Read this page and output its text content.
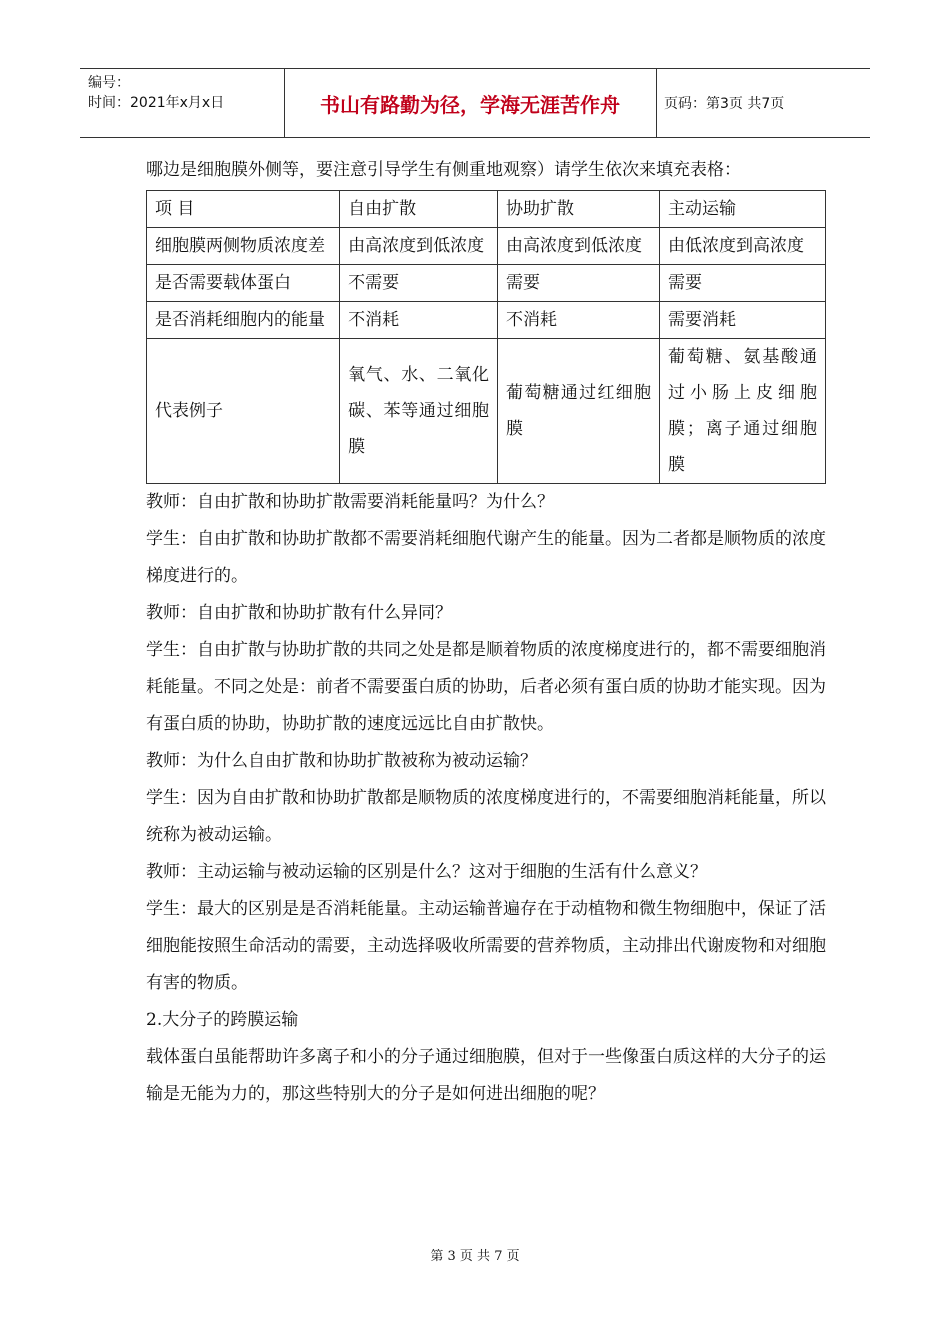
编号：
时间：2021年x月x日	书山有路勤为径，学海无涯苦作舟	页码：第3页 共7页

哪边是细胞膜外侧等，要注意引导学生有侧重地观察）请学生依次来填充表格：

项 目	自由扩散	协助扩散	主动运输
细胞膜两侧物质浓度差	由高浓度到低浓度	由高浓度到低浓度	由低浓度到高浓度
是否需要载体蛋白	不需要	需要	需要
是否消耗细胞内的能量	不消耗	不消耗	需要消耗
代表例子	氧气、水、二氧化碳、苯等通过细胞膜	葡萄糖通过红细胞膜	葡萄糖、氨基酸通过小肠上皮细胞膜；离子通过细胞膜

教师：自由扩散和协助扩散需要消耗能量吗？为什么？

学生：自由扩散和协助扩散都不需要消耗细胞代谢产生的能量。因为二者都是顺物质的浓度梯度进行的。

教师：自由扩散和协助扩散有什么异同？

学生：自由扩散与协助扩散的共同之处是都是顺着物质的浓度梯度进行的，都不需要细胞消耗能量。不同之处是：前者不需要蛋白质的协助，后者必须有蛋白质的协助才能实现。因为有蛋白质的协助，协助扩散的速度远远比自由扩散快。

教师：为什么自由扩散和协助扩散被称为被动运输？

学生：因为自由扩散和协助扩散都是顺物质的浓度梯度进行的，不需要细胞消耗能量，所以统称为被动运输。

教师：主动运输与被动运输的区别是什么？这对于细胞的生活有什么意义？

学生：最大的区别是是否消耗能量。主动运输普遍存在于动植物和微生物细胞中，保证了活细胞能按照生命活动的需要，主动选择吸收所需要的营养物质，主动排出代谢废物和对细胞有害的物质。

2.大分子的跨膜运输

载体蛋白虽能帮助许多离子和小的分子通过细胞膜，但对于一些像蛋白质这样的大分子的运输是无能为力的，那这些特别大的分子是如何进出细胞的呢？

第 3 页 共 7 页
